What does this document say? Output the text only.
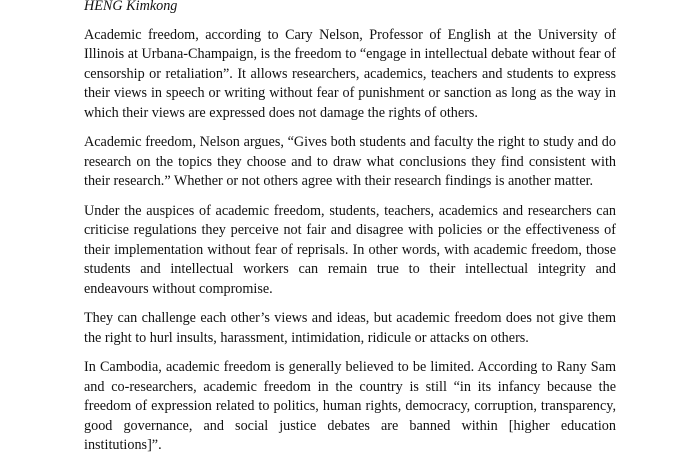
HENG Kimkong

Academic freedom, according to Cary Nelson, Professor of English at the University of Illinois at Urbana-Champaign, is the freedom to “engage in intellectual debate without fear of censorship or retaliation”. It allows researchers, academics, teachers and students to express their views in speech or writing without fear of punishment or sanction as long as the way in which their views are expressed does not damage the rights of others.

Academic freedom, Nelson argues, “Gives both students and faculty the right to study and do research on the topics they choose and to draw what conclusions they find consistent with their research.” Whether or not others agree with their research findings is another matter.

Under the auspices of academic freedom, students, teachers, academics and researchers can criticise regulations they perceive not fair and disagree with policies or the effectiveness of their implementation without fear of reprisals. In other words, with academic freedom, those students and intellectual workers can remain true to their intellectual integrity and endeavours without compromise.

They can challenge each other’s views and ideas, but academic freedom does not give them the right to hurl insults, harassment, intimidation, ridicule or attacks on others.

In Cambodia, academic freedom is generally believed to be limited. According to Rany Sam and co-researchers, academic freedom in the country is still “in its infancy because the freedom of expression related to politics, human rights, democracy, corruption, transparency, good governance, and social justice debates are banned within [higher education institutions]”.
